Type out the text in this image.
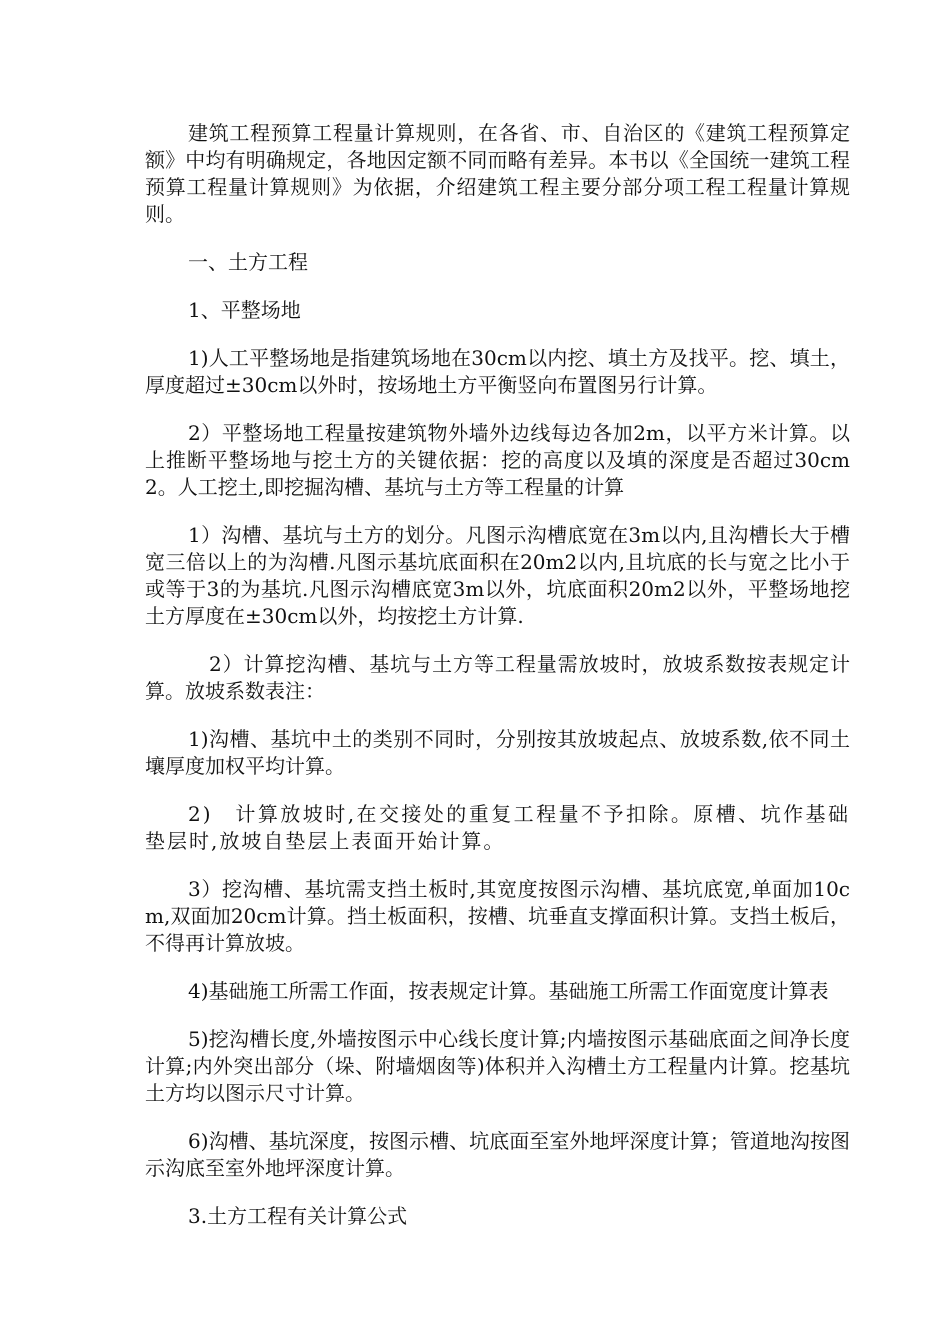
建筑工程预算工程量计算规则，在各省、市、自治区的《建筑工程预算定额》中均有明确规定，各地因定额不同而略有差异。本书以《全国统一建筑工程预算工程量计算规则》为依据，介绍建筑工程主要分部分项工程工程量计算规则。

一、土方工程

1、平整场地

1)人工平整场地是指建筑场地在30cm以内挖、填土方及找平。挖、填土，厚度超过±30cm以外时，按场地土方平衡竖向布置图另行计算。

2）平整场地工程量按建筑物外墙外边线每边各加2m，以平方米计算。以上推断平整场地与挖土方的关键依据：挖的高度以及填的深度是否超过30cm2。人工挖土,即挖掘沟槽、基坑与土方等工程量的计算

1）沟槽、基坑与土方的划分。凡图示沟槽底宽在3m以内,且沟槽长大于槽宽三倍以上的为沟槽.凡图示基坑底面积在20m2以内,且坑底的长与宽之比小于或等于3的为基坑.凡图示沟槽底宽3m以外，坑底面积20m2以外，平整场地挖土方厚度在±30cm以外，均按挖土方计算.

2）计算挖沟槽、基坑与土方等工程量需放坡时，放坡系数按表规定计算。放坡系数表注：

1)沟槽、基坑中土的类别不同时，分别按其放坡起点、放坡系数,依不同土壤厚度加权平均计算。

2)　计算放坡时,在交接处的重复工程量不予扣除。原槽、坑作基础垫层时,放坡自垫层上表面开始计算。

3）挖沟槽、基坑需支挡土板时,其宽度按图示沟槽、基坑底宽,单面加10cm,双面加20cm计算。挡土板面积，按槽、坑垂直支撑面积计算。支挡土板后，不得再计算放坡。

4)基础施工所需工作面，按表规定计算。基础施工所需工作面宽度计算表

5)挖沟槽长度,外墙按图示中心线长度计算;内墙按图示基础底面之间净长度计算;内外突出部分（垛、附墙烟囱等)体积并入沟槽土方工程量内计算。挖基坑土方均以图示尺寸计算。

6)沟槽、基坑深度，按图示槽、坑底面至室外地坪深度计算；管道地沟按图示沟底至室外地坪深度计算。

3.土方工程有关计算公式
